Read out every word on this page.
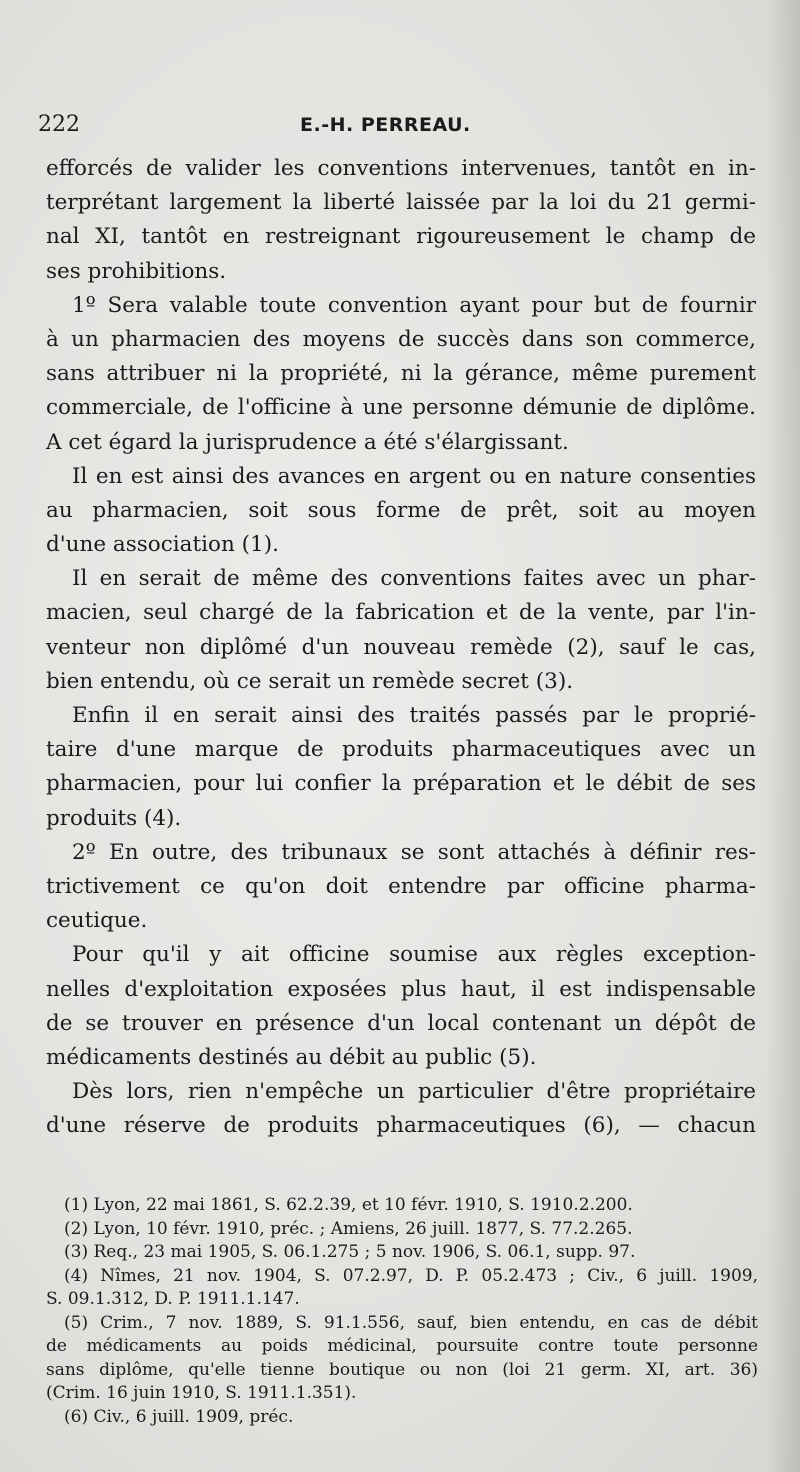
222	E.-H. PERREAU.
efforcés de valider les conventions intervenues, tantôt en in-
terprétant largement la liberté laissée par la loi du 21 germi-
nal XI, tantôt en restreignant rigoureusement le champ de
ses prohibitions.
1º Sera valable toute convention ayant pour but de fournir
à un pharmacien des moyens de succès dans son commerce,
sans attribuer ni la propriété, ni la gérance, même purement
commerciale, de l'officine à une personne démunie de diplôme.
A cet égard la jurisprudence a été s'élargissant.
Il en est ainsi des avances en argent ou en nature consenties
au pharmacien, soit sous forme de prêt, soit au moyen
d'une association (1).
Il en serait de même des conventions faites avec un phar-
macien, seul chargé de la fabrication et de la vente, par l'in-
venteur non diplômé d'un nouveau remède (2), sauf le cas,
bien entendu, où ce serait un remède secret (3).
Enfin il en serait ainsi des traités passés par le proprié-
taire d'une marque de produits pharmaceutiques avec un
pharmacien, pour lui confier la préparation et le débit de ses
produits (4).
2º En outre, des tribunaux se sont attachés à définir res-
trictivement ce qu'on doit entendre par officine pharma-
ceutique.
Pour qu'il y ait officine soumise aux règles exception-
nelles d'exploitation exposées plus haut, il est indispensable
de se trouver en présence d'un local contenant un dépôt de
médicaments destinés au débit au public (5).
Dès lors, rien n'empêche un particulier d'être propriétaire
d'une réserve de produits pharmaceutiques (6), — chacun
(1) Lyon, 22 mai 1861, S. 62.2.39, et 10 févr. 1910, S. 1910.2.200.
(2) Lyon, 10 févr. 1910, préc. ; Amiens, 26 juill. 1877, S. 77.2.265.
(3) Req., 23 mai 1905, S. 06.1.275 ; 5 nov. 1906, S. 06.1, supp. 97.
(4) Nîmes, 21 nov. 1904, S. 07.2.97, D. P. 05.2.473 ; Civ., 6 juill. 1909,
S. 09.1.312, D. P. 1911.1.147.
(5) Crim., 7 nov. 1889, S. 91.1.556, sauf, bien entendu, en cas de débit
de médicaments au poids médicinal, poursuite contre toute personne
sans diplôme, qu'elle tienne boutique ou non (loi 21 germ. XI, art. 36)
(Crim. 16 juin 1910, S. 1911.1.351).
(6) Civ., 6 juill. 1909, préc.
